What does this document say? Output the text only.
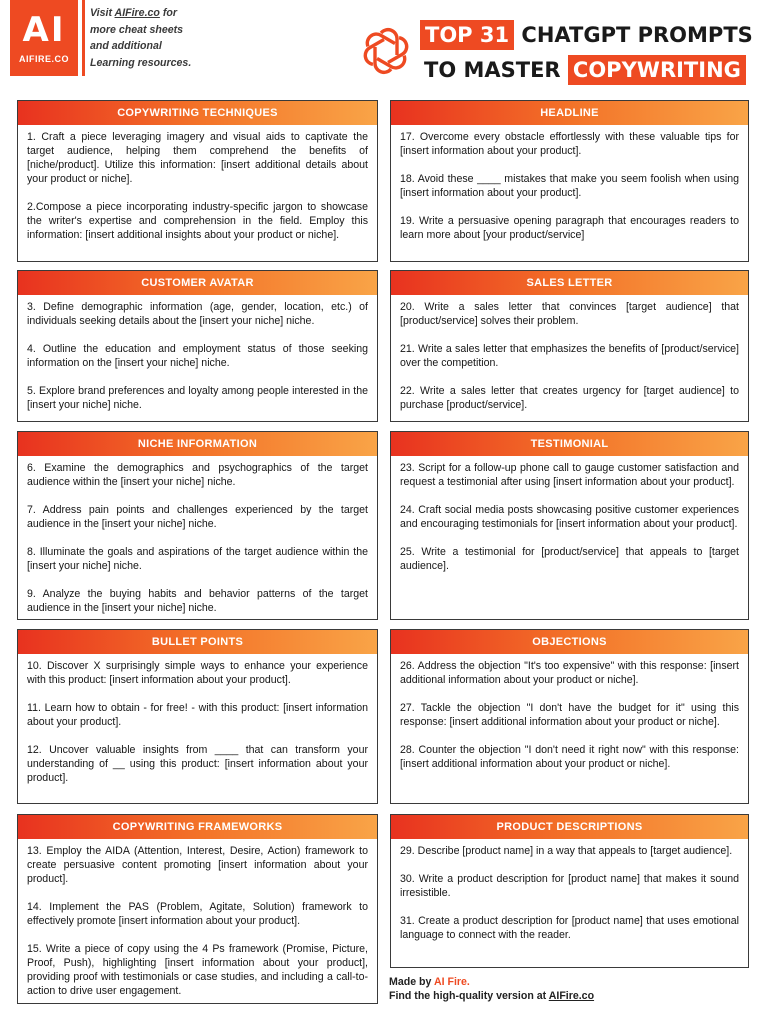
AI
AIFIRE.CO
Visit AIFire.co for
more cheat sheets
and additional
Learning resources.
TOP 31 CHATGPT PROMPTS
TO MASTER COPYWRITING
COPYWRITING TECHNIQUES

1. Craft a piece leveraging imagery and visual aids to captivate the target audience, helping them comprehend the benefits of [niche/product]. Utilize this information: [insert additional details about your product or niche].

2.Compose a piece incorporating industry-specific jargon to showcase the writer's expertise and comprehension in the field. Employ this information: [insert additional insights about your product or niche].

CUSTOMER AVATAR

3. Define demographic information (age, gender, location, etc.) of individuals seeking details about the [insert your niche] niche.

4. Outline the education and employment status of those seeking information on the [insert your niche] niche.

5. Explore brand preferences and loyalty among people interested in the [insert your niche] niche.

NICHE INFORMATION

6. Examine the demographics and psychographics of the target audience within the [insert your niche] niche.

7. Address pain points and challenges experienced by the target audience in the [insert your niche] niche.

8. Illuminate the goals and aspirations of the target audience within the [insert your niche] niche.

9. Analyze the buying habits and behavior patterns of the target audience in the [insert your niche] niche.

BULLET POINTS

10. Discover X surprisingly simple ways to enhance your experience with this product: [insert information about your product].

11. Learn how to obtain - for free! - with this product: [insert information about your product].

12. Uncover valuable insights from ____ that can transform your understanding of __ using this product: [insert information about your product].

COPYWRITING FRAMEWORKS

13. Employ the AIDA (Attention, Interest, Desire, Action) framework to create persuasive content promoting [insert information about your product].

14. Implement the PAS (Problem, Agitate, Solution) framework to effectively promote [insert information about your product].

15. Write a piece of copy using the 4 Ps framework (Promise, Picture, Proof, Push), highlighting [insert information about your product], providing proof with testimonials or case studies, and including a call-to-action to drive user engagement.

HEADLINE

17. Overcome every obstacle effortlessly with these valuable tips for [insert information about your product].

18. Avoid these ____ mistakes that make you seem foolish when using [insert information about your product].

19. Write a persuasive opening paragraph that encourages readers to learn more about [your product/service]

SALES LETTER

20. Write a sales letter that convinces [target audience] that [product/service] solves their problem.

21. Write a sales letter that emphasizes the benefits of [product/service] over the competition.

22. Write a sales letter that creates urgency for [target audience] to purchase [product/service].

TESTIMONIAL

23. Script for a follow-up phone call to gauge customer satisfaction and request a testimonial after using [insert information about your product].

24. Craft social media posts showcasing positive customer experiences and encouraging testimonials for [insert information about your product].

25. Write a testimonial for [product/service] that appeals to [target audience].

OBJECTIONS

26. Address the objection "It's too expensive" with this response: [insert additional information about your product or niche].

27. Tackle the objection "I don't have the budget for it" using this response: [insert additional information about your product or niche].

28. Counter the objection "I don't need it right now" with this response: [insert additional information about your product or niche].

PRODUCT DESCRIPTIONS

29. Describe [product name] in a way that appeals to [target audience].

30. Write a product description for [product name] that makes it sound irresistible.

31. Create a product description for [product name] that uses emotional language to connect with the reader.

Made by AI Fire.
Find the high-quality version at AIFire.co
